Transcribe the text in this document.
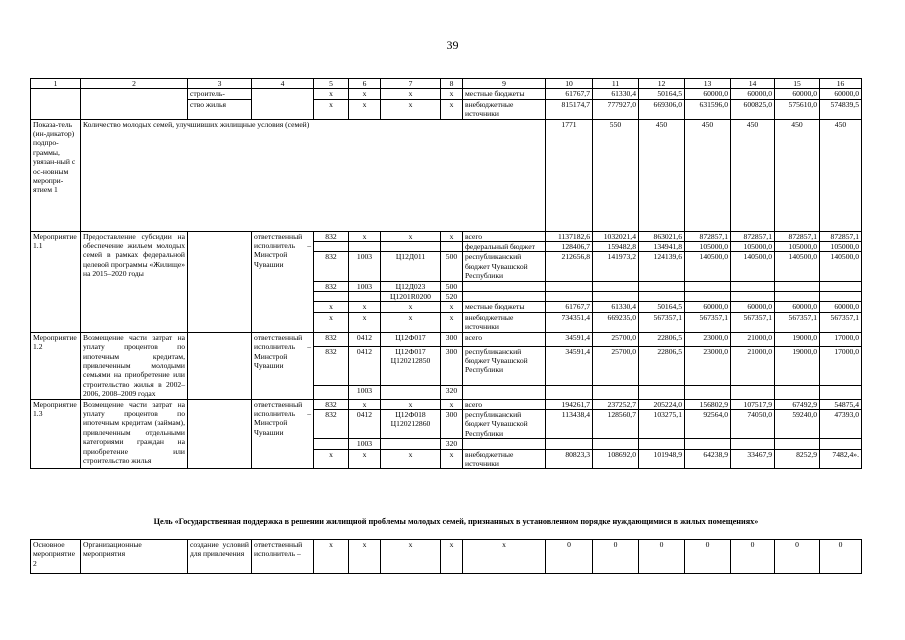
39
1	2	3	4	5	6	7	8	9	10	11	12	13	14	15	16
		строитель-		x	x	x	x	местные бюджеты	61767,7	61330,4	50164,5	60000,0	60000,0	60000,0	60000,0
		ство жилья		x	x	x	x	внебюджетные источники	815174,7	777927,0	669306,0	631596,0	600825,0	575610,0	574839,5
Показа-тель (ин-дикатор) подпро-граммы, увязан-ный с ос-новным меропри-ятием 1	Количество молодых семей, улучшивших жилищные условия (семей)								1771	550	450	450	450	450	450
Мероприятие 1.1	Предоставление субсидии на обеспечение жильем молодых семей в рамках федеральной целевой программы «Жилище» на 2015–2020 годы		ответственный исполнитель – Минстрой Чувашии	832	x	x	x	всего	1137182,6	1032021,4	863021,6	872857,1	872857,1	872857,1	872857,1
								федеральный бюджет	128406,7	159482,8	134941,8	105000,0	105000,0	105000,0	105000,0
				832	1003	Ц12Д011	500	республиканский бюджет Чувашской Республики	212656,8	141973,2	124139,6	140500,0	140500,0	140500,0	140500,0
				832	1003	Ц12Д023	500								
						Ц1201R0200	520								
				x	x	x	x	местные бюджеты	61767,7	61330,4	50164,5	60000,0	60000,0	60000,0	60000,0
				x	x	x	x	внебюджетные источники	734351,4	669235,0	567357,1	567357,1	567357,1	567357,1	567357,1
Мероприятие 1.2	Возмещение части затрат на уплату процентов по ипотечным кредитам, привлеченным молодыми семьями на приобретение или строительство жилья в 2002–2006, 2008–2009 годах		ответственный исполнитель – Минстрой Чувашии	832	0412	Ц12Ф017	300	всего	34591,4	25700,0	22806,5	23000,0	21000,0	19000,0	17000,0
				832	0412	Ц12Ф017 Ц120212850	300	республиканский бюджет Чувашской Республики	34591,4	25700,0	22806,5	23000,0	21000,0	19000,0	17000,0
					1003		320								
Мероприятие 1.3	Возмещение части затрат на уплату процентов по ипотечным кредитам (займам), привлеченным отдельными категориями граждан на приобретение или строительство жилья		ответственный исполнитель – Минстрой Чувашии	832	x	x	x	всего	194261,7	237252,7	205224,0	156802,9	107517,9	67492,9	54875,4
				832	0412	Ц12Ф018 Ц120212860	300	республиканский бюджет Чувашской Республики	113438,4	128560,7	103275,1	92564,0	74050,0	59240,0	47393,0
					1003		320								
				x	x	x	x	внебюджетные источники	80823,3	108692,0	101948,9	64238,9	33467,9	8252,9	7482,4».
Цель «Государственная поддержка в решении жилищной проблемы молодых семей, признанных в установленном порядке нуждающимися в жилых помещениях»
Основное мероприятие 2	Организационные мероприятия	создание условий для привлечения	ответственный исполнитель –	x	x	x	x	x	0	0	0	0	0	0	0
